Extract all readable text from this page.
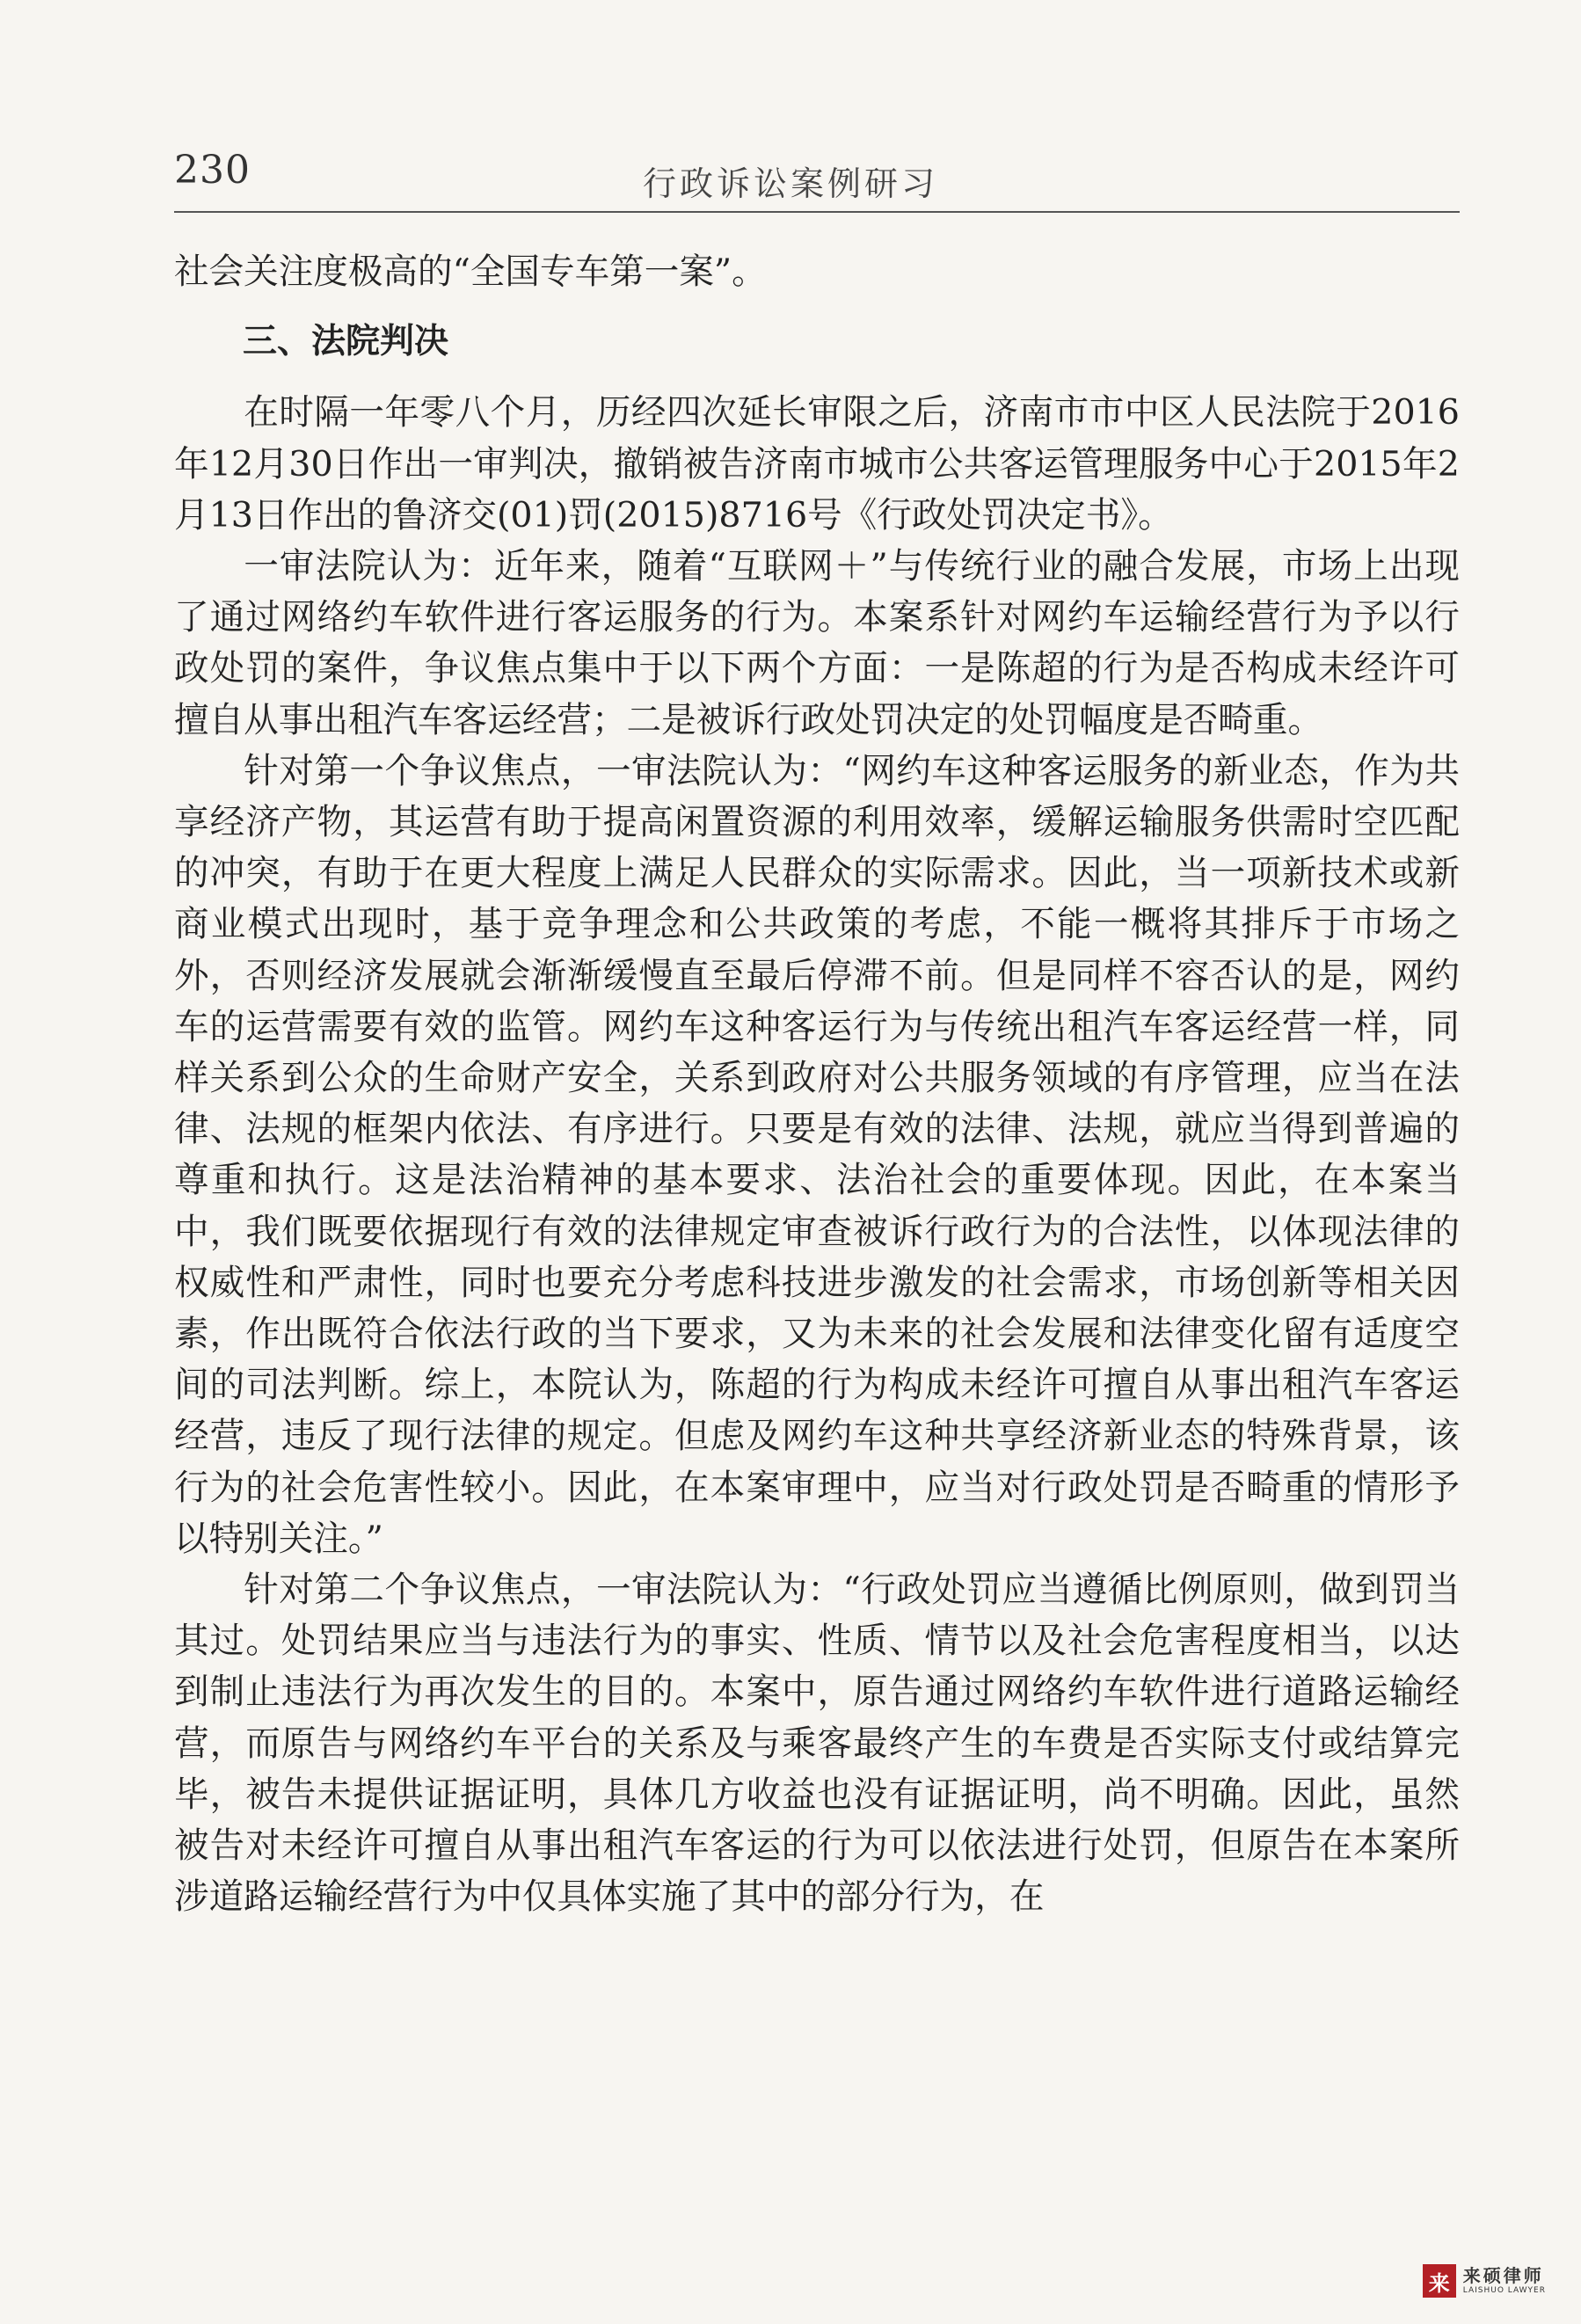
230	行政诉讼案例研习

社会关注度极高的“全国专车第一案”。

三、法院判决

在时隔一年零八个月，历经四次延长审限之后，济南市市中区人民法院于2016年12月30日作出一审判决，撤销被告济南市城市公共客运管理服务中心于2015年2月13日作出的鲁济交(01)罚(2015)8716号《行政处罚决定书》。

一审法院认为：近年来，随着“互联网＋”与传统行业的融合发展，市场上出现了通过网络约车软件进行客运服务的行为。本案系针对网约车运输经营行为予以行政处罚的案件，争议焦点集中于以下两个方面：一是陈超的行为是否构成未经许可擅自从事出租汽车客运经营；二是被诉行政处罚决定的处罚幅度是否畸重。

针对第一个争议焦点，一审法院认为：“网约车这种客运服务的新业态，作为共享经济产物，其运营有助于提高闲置资源的利用效率，缓解运输服务供需时空匹配的冲突，有助于在更大程度上满足人民群众的实际需求。因此，当一项新技术或新商业模式出现时，基于竞争理念和公共政策的考虑，不能一概将其排斥于市场之外，否则经济发展就会渐渐缓慢直至最后停滞不前。但是同样不容否认的是，网约车的运营需要有效的监管。网约车这种客运行为与传统出租汽车客运经营一样，同样关系到公众的生命财产安全，关系到政府对公共服务领域的有序管理，应当在法律、法规的框架内依法、有序进行。只要是有效的法律、法规，就应当得到普遍的尊重和执行。这是法治精神的基本要求、法治社会的重要体现。因此，在本案当中，我们既要依据现行有效的法律规定审查被诉行政行为的合法性，以体现法律的权威性和严肃性，同时也要充分考虑科技进步激发的社会需求，市场创新等相关因素，作出既符合依法行政的当下要求，又为未来的社会发展和法律变化留有适度空间的司法判断。综上，本院认为，陈超的行为构成未经许可擅自从事出租汽车客运经营，违反了现行法律的规定。但虑及网约车这种共享经济新业态的特殊背景，该行为的社会危害性较小。因此，在本案审理中，应当对行政处罚是否畸重的情形予以特别关注。”

针对第二个争议焦点，一审法院认为：“行政处罚应当遵循比例原则，做到罚当其过。处罚结果应当与违法行为的事实、性质、情节以及社会危害程度相当，以达到制止违法行为再次发生的目的。本案中，原告通过网络约车软件进行道路运输经营，而原告与网络约车平台的关系及与乘客最终产生的车费是否实际支付或结算完毕，被告未提供证据证明，具体几方收益也没有证据证明，尚不明确。因此，虽然被告对未经许可擅自从事出租汽车客运的行为可以依法进行处罚，但原告在本案所涉道路运输经营行为中仅具体实施了其中的部分行为，在

来 来硕律师
LAISHUO LAWYER
